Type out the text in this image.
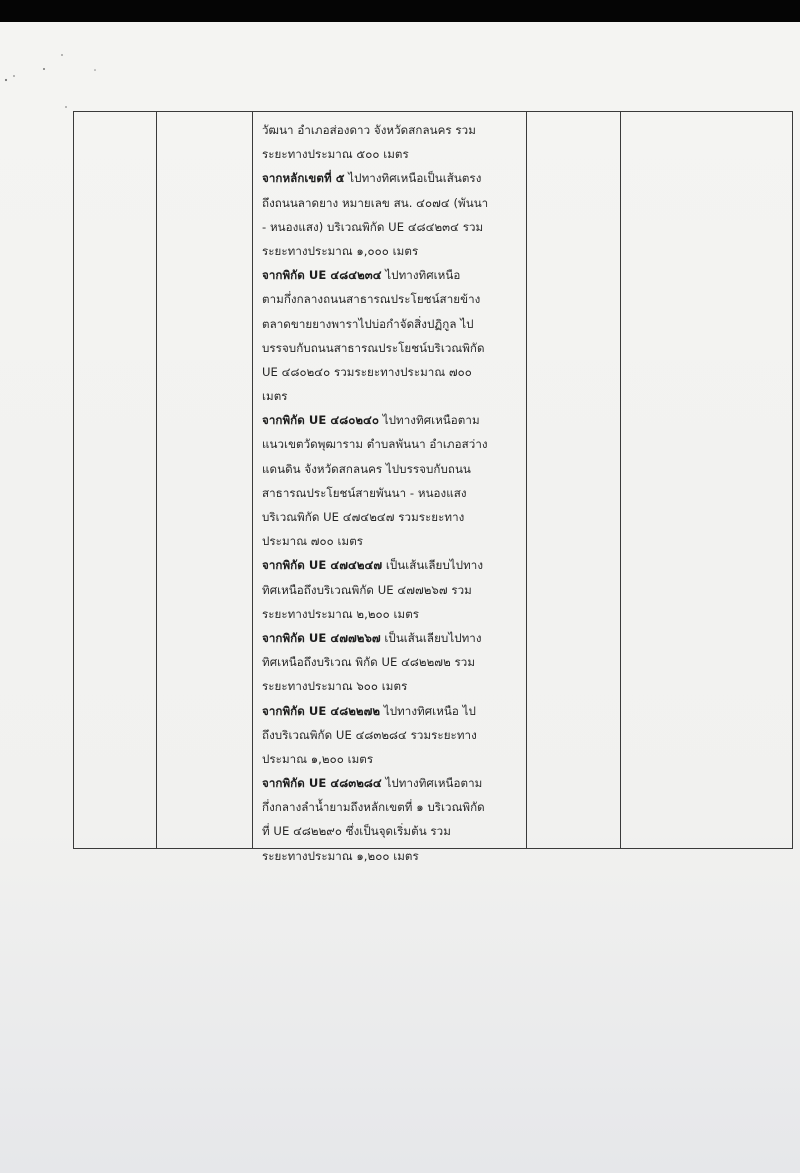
วัฒนา อำเภอส่องดาว จังหวัดสกลนคร รวม
ระยะทางประมาณ ๕๐๐ เมตร
จากหลักเขตที่ ๕ ไปทางทิศเหนือเป็นเส้นตรง
ถึงถนนลาดยาง หมายเลข สน. ๔๐๗๔ (พันนา
- หนองแสง) บริเวณพิกัด UE ๔๘๔๒๓๔ รวม
ระยะทางประมาณ ๑,๐๐๐ เมตร
จากพิกัด UE ๔๘๔๒๓๔ ไปทางทิศเหนือ
ตามกึ่งกลางถนนสาธารณประโยชน์สายข้าง
ตลาดขายยางพาราไปบ่อกำจัดสิ่งปฏิกูล ไป
บรรจบกับถนนสาธารณประโยชน์บริเวณพิกัด
UE ๔๘๐๒๔๐ รวมระยะทางประมาณ ๗๐๐
เมตร
จากพิกัด UE ๔๘๐๒๔๐ ไปทางทิศเหนือตาม
แนวเขตวัดพุฒาราม ตำบลพันนา อำเภอสว่าง
แดนดิน จังหวัดสกลนคร ไปบรรจบกับถนน
สาธารณประโยชน์สายพันนา - หนองแสง
บริเวณพิกัด UE ๔๗๔๒๔๗ รวมระยะทาง
ประมาณ ๗๐๐ เมตร
จากพิกัด UE ๔๗๔๒๔๗ เป็นเส้นเลียบไปทาง
ทิศเหนือถึงบริเวณพิกัด UE ๔๗๗๒๖๗ รวม
ระยะทางประมาณ ๒,๒๐๐ เมตร
จากพิกัด UE ๔๗๗๒๖๗ เป็นเส้นเลียบไปทาง
ทิศเหนือถึงบริเวณ พิกัด UE ๔๘๒๒๗๒ รวม
ระยะทางประมาณ ๖๐๐ เมตร
จากพิกัด UE ๔๘๒๒๗๒ ไปทางทิศเหนือ ไป
ถึงบริเวณพิกัด UE ๔๘๓๒๘๔ รวมระยะทาง
ประมาณ ๑,๒๐๐ เมตร
จากพิกัด UE ๔๘๓๒๘๔ ไปทางทิศเหนือตาม
กึ่งกลางลำน้ำยามถึงหลักเขตที่ ๑ บริเวณพิกัด
ที่ UE ๔๘๒๒๙๐ ซึ่งเป็นจุดเริ่มต้น รวม
ระยะทางประมาณ ๑,๒๐๐ เมตร
